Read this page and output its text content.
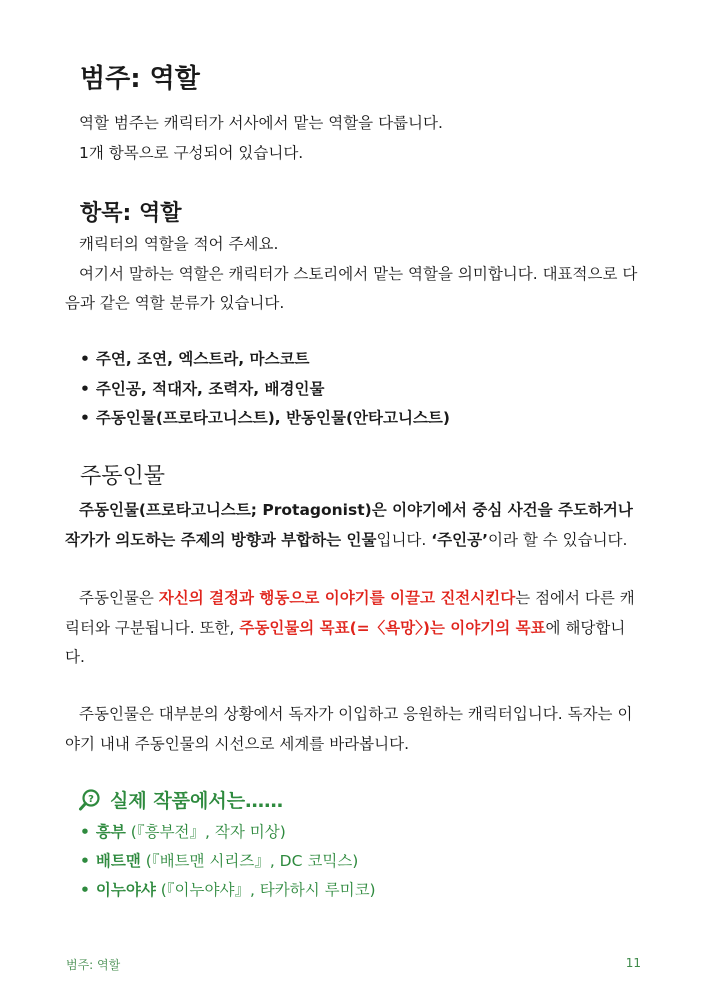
범주: 역할

역할 범주는 캐릭터가 서사에서 맡는 역할을 다룹니다.
1개 항목으로 구성되어 있습니다.

항목: 역할

캐릭터의 역할을 적어 주세요.
여기서 말하는 역할은 캐릭터가 스토리에서 맡는 역할을 의미합니다. 대표적으로 다음과 같은 역할 분류가 있습니다.

• 주연, 조연, 엑스트라, 마스코트
• 주인공, 적대자, 조력자, 배경인물
• 주동인물(프로타고니스트), 반동인물(안타고니스트)
주동인물

주동인물(프로타고니스트; Protagonist)은 이야기에서 중심 사건을 주도하거나 작가가 의도하는 주제의 방향과 부합하는 인물입니다. ‘주인공’이라 할 수 있습니다.

주동인물은 자신의 결정과 행동으로 이야기를 이끌고 진전시킨다는 점에서 다른 캐릭터와 구분됩니다. 또한, 주동인물의 목표(=〈욕망〉)는 이야기의 목표에 해당합니다.

주동인물은 대부분의 상황에서 독자가 이입하고 응원하는 캐릭터입니다. 독자는 이야기 내내 주동인물의 시선으로 세계를 바라봅니다.

? 실제 작품에서는……
• 흥부 (『흥부전』, 작자 미상)
• 배트맨 (『배트맨 시리즈』, DC 코믹스)
• 이누야샤 (『이누야샤』, 타카하시 루미코)
범주: 역할	11
